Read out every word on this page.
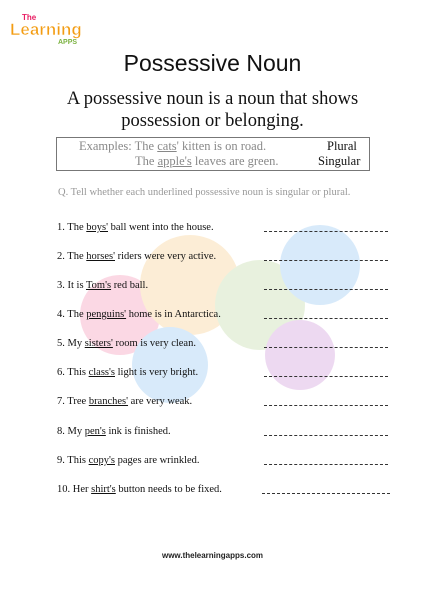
The
Learning
APPS
Possessive Noun
A possessive noun is a noun that shows
possession or belonging.
Examples: The cats' kitten is on road.	Plural
The apple's leaves are green.	Singular
Q. Tell whether each underlined possessive noun is singular or plural.
1. The boys' ball went into the house.
2. The horses' riders were very active.
3. It is Tom's red ball.
4. The penguins' home is in Antarctica.
5. My sisters' room is very clean.
6. This class's light is very bright.
7. Tree branches' are very weak.
8. My pen's ink is finished.
9. This copy's pages are wrinkled.
10. Her shirt's button needs to be fixed.
www.thelearningapps.com
